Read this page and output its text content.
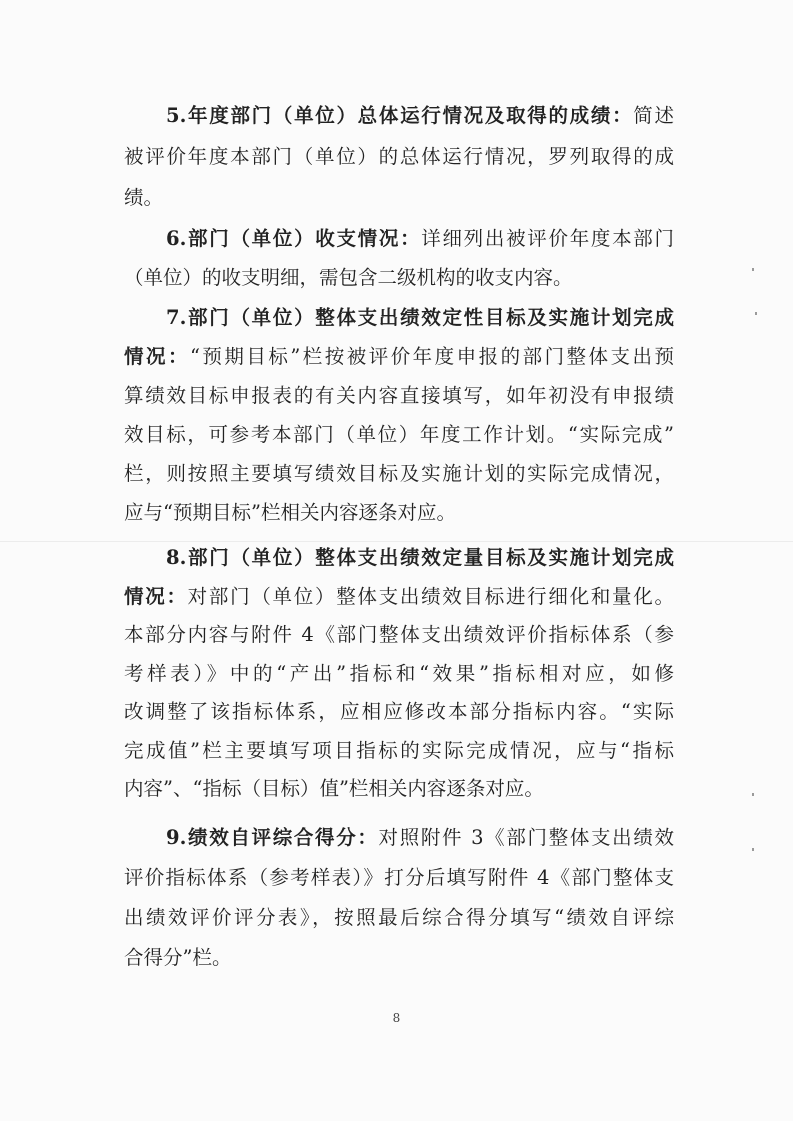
5.年度部门（单位）总体运行情况及取得的成绩：简述
被评价年度本部门（单位）的总体运行情况，罗列取得的成
绩。
6.部门（单位）收支情况：详细列出被评价年度本部门
（单位）的收支明细，需包含二级机构的收支内容。
7.部门（单位）整体支出绩效定性目标及实施计划完成
情况：“预期目标”栏按被评价年度申报的部门整体支出预
算绩效目标申报表的有关内容直接填写，如年初没有申报绩
效目标，可参考本部门（单位）年度工作计划。“实际完成”
栏，则按照主要填写绩效目标及实施计划的实际完成情况，
应与“预期目标”栏相关内容逐条对应。
8.部门（单位）整体支出绩效定量目标及实施计划完成
情况：对部门（单位）整体支出绩效目标进行细化和量化。
本部分内容与附件 4《部门整体支出绩效评价指标体系（参
考样表）》中的“产出”指标和“效果”指标相对应，如修
改调整了该指标体系，应相应修改本部分指标内容。“实际
完成值”栏主要填写项目指标的实际完成情况，应与“指标
内容”、“指标（目标）值”栏相关内容逐条对应。
9.绩效自评综合得分：对照附件 3《部门整体支出绩效
评价指标体系（参考样表）》打分后填写附件 4《部门整体支
出绩效评价评分表》，按照最后综合得分填写“绩效自评综
合得分”栏。
8
